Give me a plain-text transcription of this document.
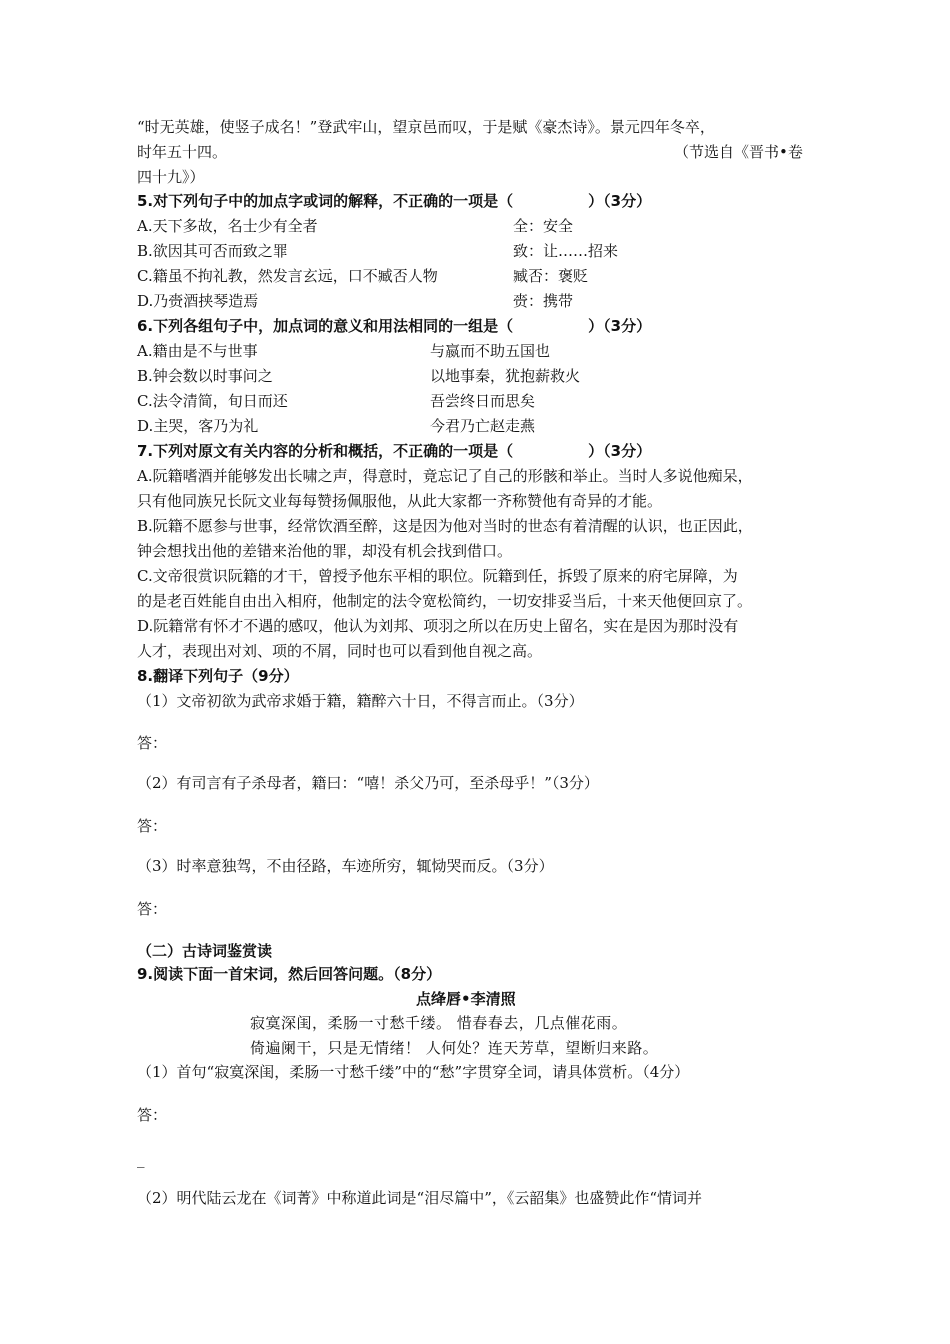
“时无英雄，使竖子成名！”登武牢山，望京邑而叹，于是赋《豪杰诗》。景元四年冬卒，
时年五十四。	（节选自《晋书•卷
四十九》）
5.对下列句子中的加点字或词的解释，不正确的一项是（　　　　　）（3分）
A.天下多故，名士少有全者	全：安全
B.欲因其可否而致之罪	致：让……招来
C.籍虽不拘礼教，然发言玄远，口不臧否人物	臧否：褒贬
D.乃赍酒挟琴造焉	赍：携带
6.下列各组句子中，加点词的意义和用法相同的一组是（　　　　　）（3分）
A.籍由是不与世事	与嬴而不助五国也
B.钟会数以时事问之	以地事秦，犹抱薪救火
C.法令清简，旬日而还	吾尝终日而思矣
D.主哭，客乃为礼	今君乃亡赵走燕
7.下列对原文有关内容的分析和概括，不正确的一项是（　　　　　）（3分）
A.阮籍嗜酒并能够发出长啸之声，得意时，竟忘记了自己的形骸和举止。当时人多说他痴呆，
只有他同族兄长阮文业每每赞扬佩服他，从此大家都一齐称赞他有奇异的才能。
B.阮籍不愿参与世事，经常饮酒至醉，这是因为他对当时的世态有着清醒的认识，也正因此，
钟会想找出他的差错来治他的罪，却没有机会找到借口。
C.文帝很赏识阮籍的才干，曾授予他东平相的职位。阮籍到任，拆毁了原来的府宅屏障，为
的是老百姓能自由出入相府，他制定的法令宽松简约，一切安排妥当后，十来天他便回京了。
D.阮籍常有怀才不遇的感叹，他认为刘邦、项羽之所以在历史上留名，实在是因为那时没有
人才，表现出对刘、项的不屑，同时也可以看到他自视之高。
8.翻译下列句子（9分）
（1）文帝初欲为武帝求婚于籍，籍醉六十日，不得言而止。（3分）
答：
（2）有司言有子杀母者，籍曰：“嘻！杀父乃可，至杀母乎！”（3分）
答：
（3）时率意独驾，不由径路，车迹所穷，辄恸哭而反。（3分）
答：
（二）古诗词鉴赏读
9.阅读下面一首宋词，然后回答问题。（8分）
点绛唇•李清照
寂寞深闺，柔肠一寸愁千缕。 惜春春去，几点催花雨。
倚遍阑干，只是无情绪！ 人何处？连天芳草，望断归来路。
（1）首句“寂寞深闺，柔肠一寸愁千缕”中的“愁”字贯穿全词，请具体赏析。（4分）
答：
_
（2）明代陆云龙在《词菁》中称道此词是“泪尽篇中”，《云韶集》也盛赞此作“情词并
